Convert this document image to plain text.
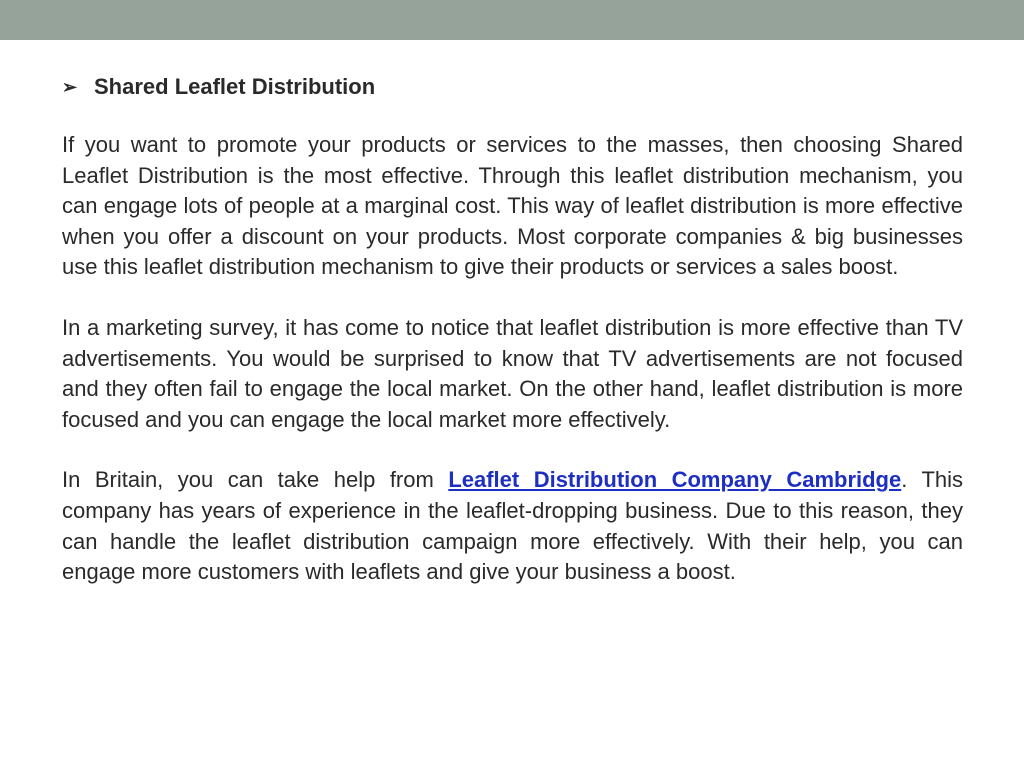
➢ Shared Leaflet Distribution

If you want to promote your products or services to the masses, then choosing Shared Leaflet Distribution is the most effective. Through this leaflet distribution mechanism, you can engage lots of people at a marginal cost. This way of leaflet distribution is more effective when you offer a discount on your products. Most corporate companies & big businesses use this leaflet distribution mechanism to give their products or services a sales boost.

In a marketing survey, it has come to notice that leaflet distribution is more effective than TV advertisements. You would be surprised to know that TV advertisements are not focused and they often fail to engage the local market. On the other hand, leaflet distribution is more focused and you can engage the local market more effectively.

In Britain, you can take help from Leaflet Distribution Company Cambridge. This company has years of experience in the leaflet-dropping business. Due to this reason, they can handle the leaflet distribution campaign more effectively. With their help, you can engage more customers with leaflets and give your business a boost.
